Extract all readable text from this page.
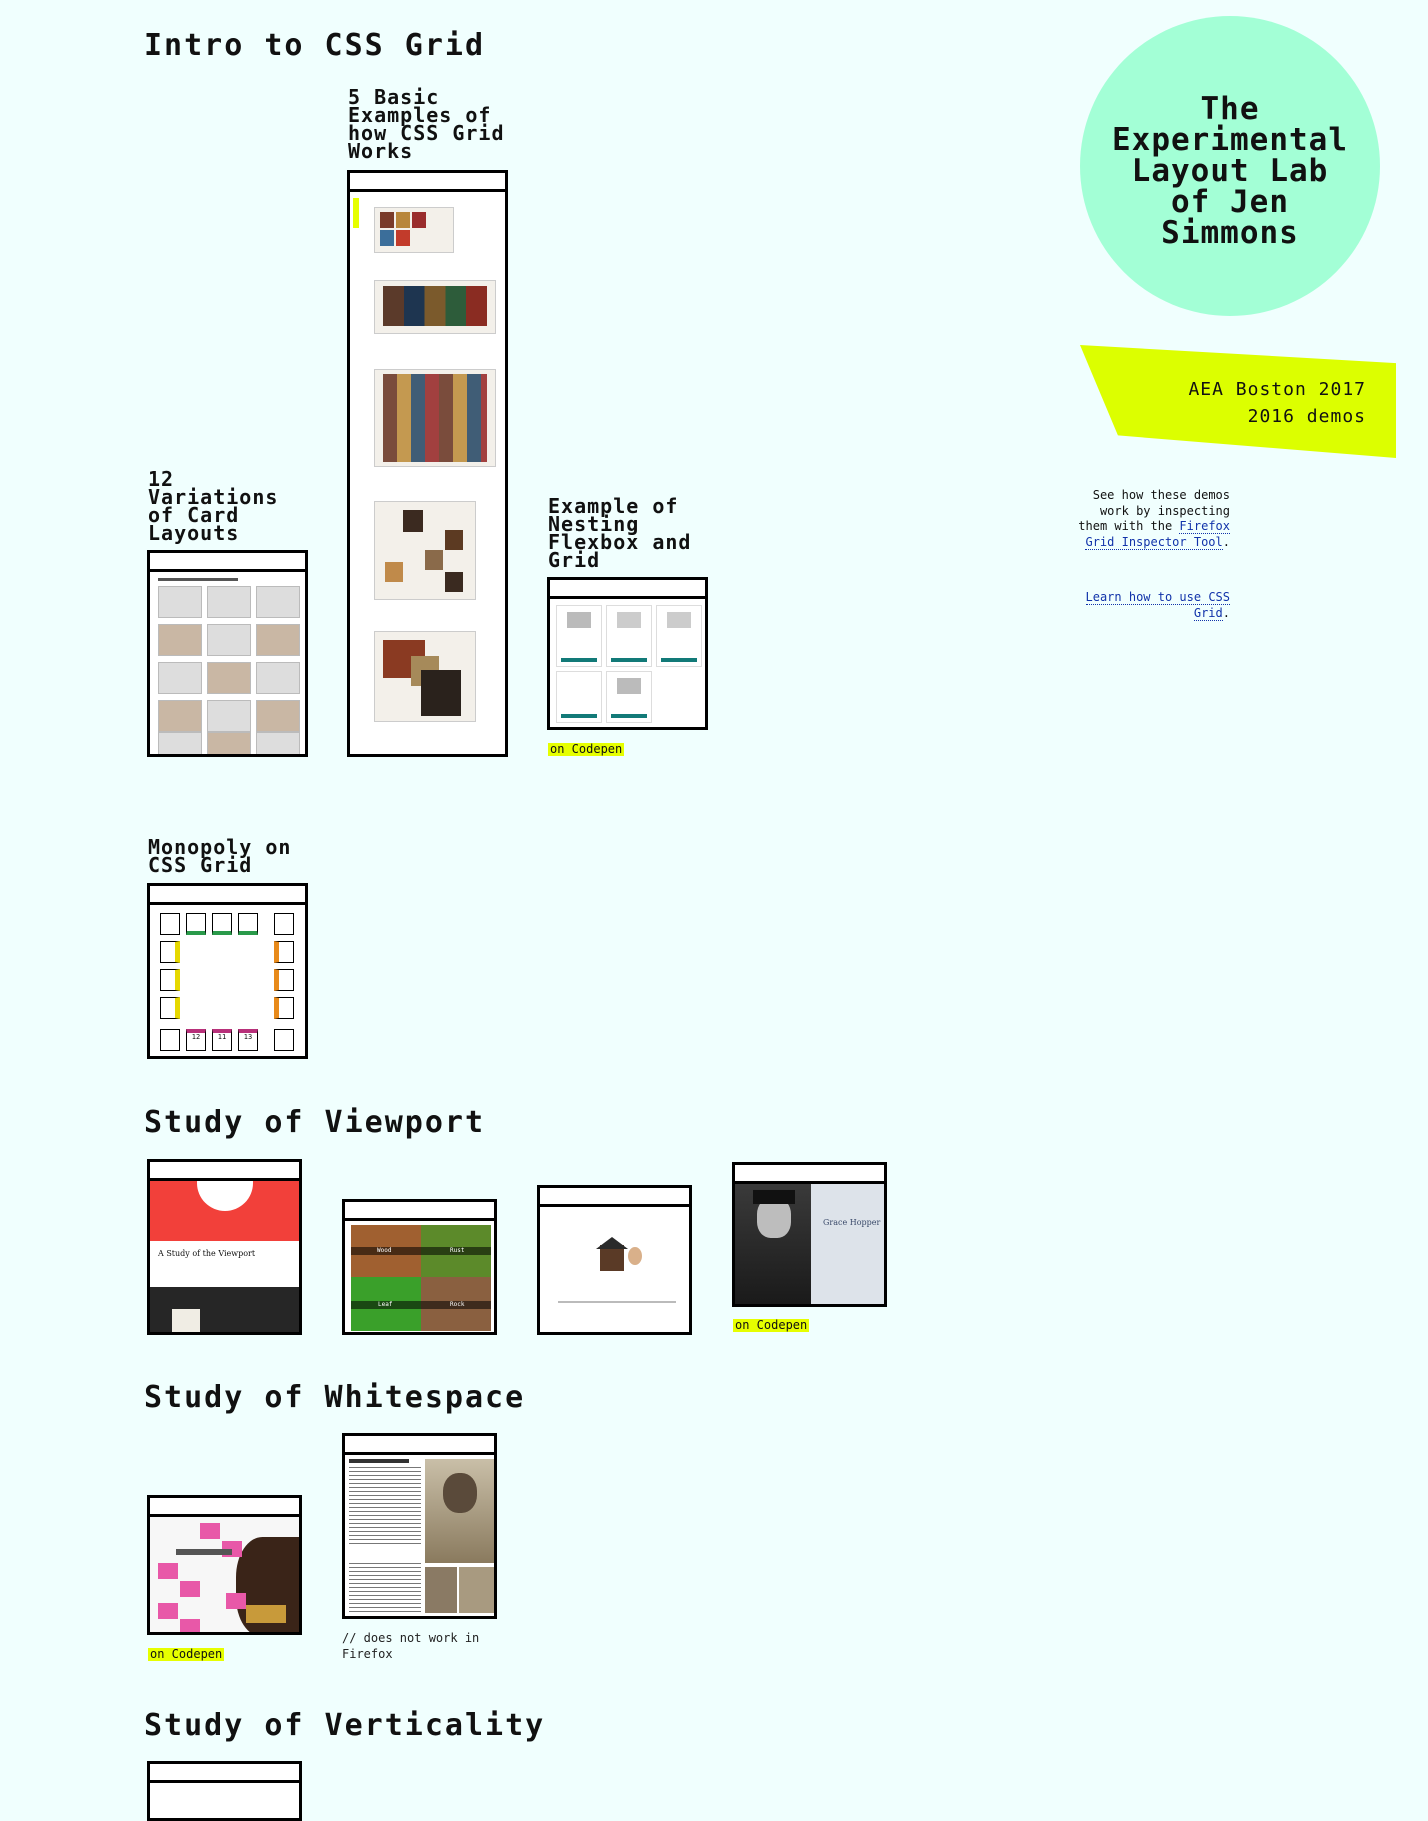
Intro to CSS Grid
The
Experimental
Layout Lab
of Jen
Simmons
AEA Boston 2017
2016 demos
See how these demos work by inspecting them with the Firefox Grid Inspector Tool.
Learn how to use CSS Grid.
5 Basic Examples of how CSS Grid Works
12 Variations of Card Layouts
Example of Nesting Flexbox and Grid
on Codepen
Monopoly on CSS Grid
12	11	13
Study of Viewport
A Study of the Viewport	Wood	Rust
Leaf	Rock
Grace Hopper
on Codepen
Study of Whitespace
on Codepen
// does not work in Firefox
Study of Verticality
